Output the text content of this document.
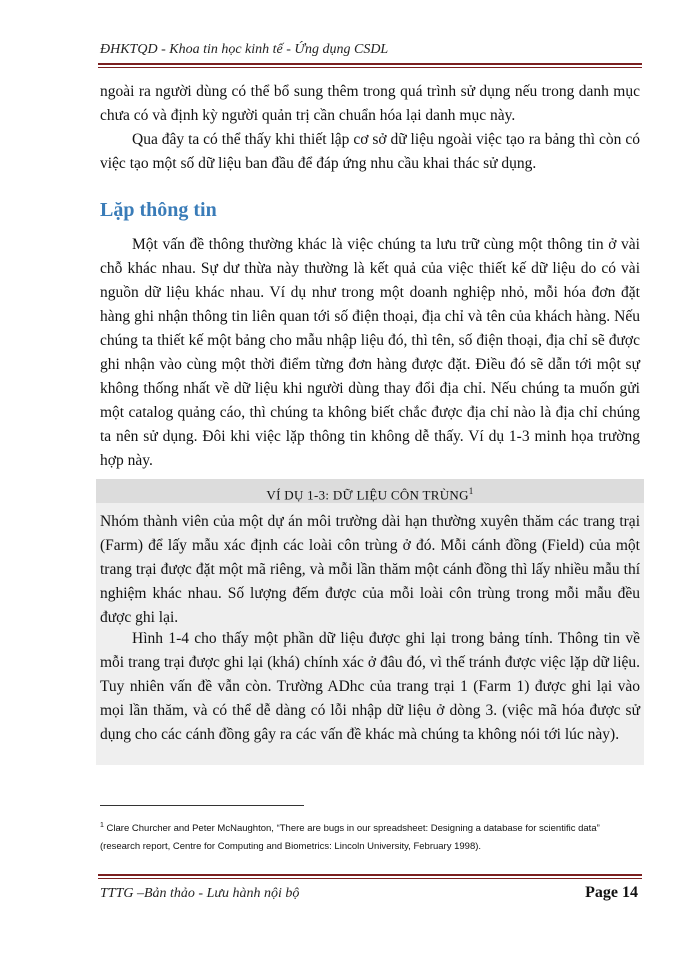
ĐHKTQD - Khoa tin học kinh tế - Ứng dụng CSDL

ngoài ra người dùng có thể bổ sung thêm trong quá trình sử dụng nếu trong danh mục chưa có và định kỳ người quản trị cần chuẩn hóa lại danh mục này.

Qua đây ta có thể thấy khi thiết lập cơ sở dữ liệu ngoài việc tạo ra bảng thì còn có việc tạo một số dữ liệu ban đầu để đáp ứng nhu cầu khai thác sử dụng.

Lặp thông tin

Một vấn đề thông thường khác là việc chúng ta lưu trữ cùng một thông tin ở vài chỗ khác nhau. Sự dư thừa này thường là kết quả của việc thiết kế dữ liệu do có vài nguồn dữ liệu khác nhau. Ví dụ như trong một doanh nghiệp nhỏ, mỗi hóa đơn đặt hàng ghi nhận thông tin liên quan tới số điện thoại, địa chỉ và tên của khách hàng. Nếu chúng ta thiết kế một bảng cho mẫu nhập liệu đó, thì tên, số điện thoại, địa chỉ sẽ được ghi nhận vào cùng một thời điểm từng đơn hàng được đặt. Điều đó sẽ dẫn tới một sự không thống nhất về dữ liệu khi người dùng thay đổi địa chỉ. Nếu chúng ta muốn gửi một catalog quảng cáo, thì chúng ta không biết chắc được địa chỉ nào là địa chỉ chúng ta nên sử dụng. Đôi khi việc lặp thông tin không dễ thấy. Ví dụ 1-3 minh họa trường hợp này.

VÍ DỤ 1-3: DỮ LIỆU CÔN TRÙNG$^1$

Nhóm thành viên của một dự án môi trường dài hạn thường xuyên thăm các trang trại (Farm) để lấy mẫu xác định các loài côn trùng ở đó. Mỗi cánh đồng (Field) của một trang trại được đặt một mã riêng, và mỗi lần thăm một cánh đồng thì lấy nhiều mẫu thí nghiệm khác nhau. Số lượng đếm được của mỗi loài côn trùng trong mỗi mẫu đều được ghi lại.

Hình 1-4 cho thấy một phần dữ liệu được ghi lại trong bảng tính. Thông tin về mỗi trang trại được ghi lại (khá) chính xác ở đâu đó, vì thế tránh được việc lặp dữ liệu. Tuy nhiên vấn đề vẫn còn. Trường ADhc của trang trại 1 (Farm 1) được ghi lại vào mọi lần thăm, và có thể dễ dàng có lỗi nhập dữ liệu ở dòng 3. (việc mã hóa được sử dụng cho các cánh đồng gây ra các vấn đề khác mà chúng ta không nói tới lúc này).

$^1$ Clare Churcher and Peter McNaughton, “There are bugs in our spreadsheet: Designing a database for scientific data” (research report, Centre for Computing and Biometrics: Lincoln University, February 1998).

TTTG –Bản thảo - Lưu hành nội bộ	Page 14
